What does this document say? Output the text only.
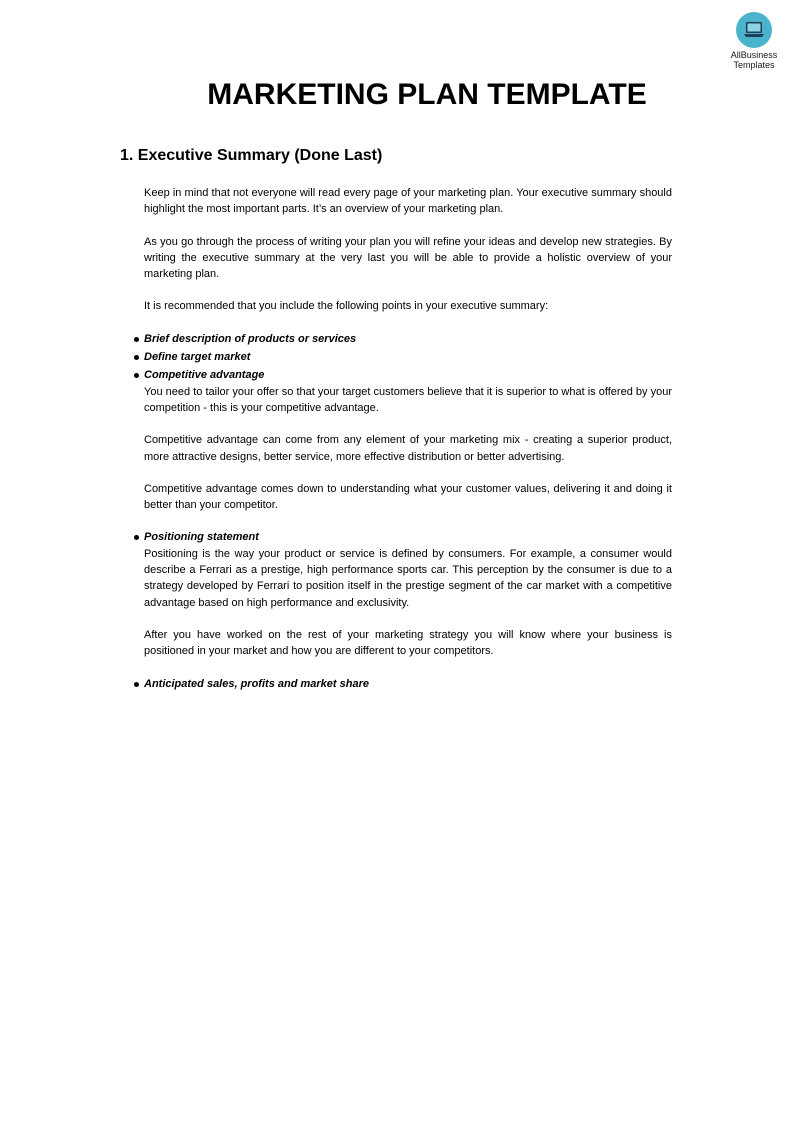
AllBusiness
Templates
MARKETING PLAN TEMPLATE
1. Executive Summary (Done Last)

Keep in mind that not everyone will read every page of your marketing plan. Your executive summary should highlight the most important parts. It’s an overview of your marketing plan.

As you go through the process of writing your plan you will refine your ideas and develop new strategies. By writing the executive summary at the very last you will be able to provide a holistic overview of your marketing plan.

It is recommended that you include the following points in your executive summary:

Brief description of products or services
Define target market
Competitive advantage

You need to tailor your offer so that your target customers believe that it is superior to what is offered by your competition - this is your competitive advantage.

Competitive advantage can come from any element of your marketing mix - creating a superior product, more attractive designs, better service, more effective distribution or better advertising.

Competitive advantage comes down to understanding what your customer values, delivering it and doing it better than your competitor.

Positioning statement

Positioning is the way your product or service is defined by consumers. For example, a consumer would describe a Ferrari as a prestige, high performance sports car. This perception by the consumer is due to a strategy developed by Ferrari to position itself in the prestige segment of the car market with a competitive advantage based on high performance and exclusivity.

After you have worked on the rest of your marketing strategy you will know where your business is positioned in your market and how you are different to your competitors.

Anticipated sales, profits and market share
